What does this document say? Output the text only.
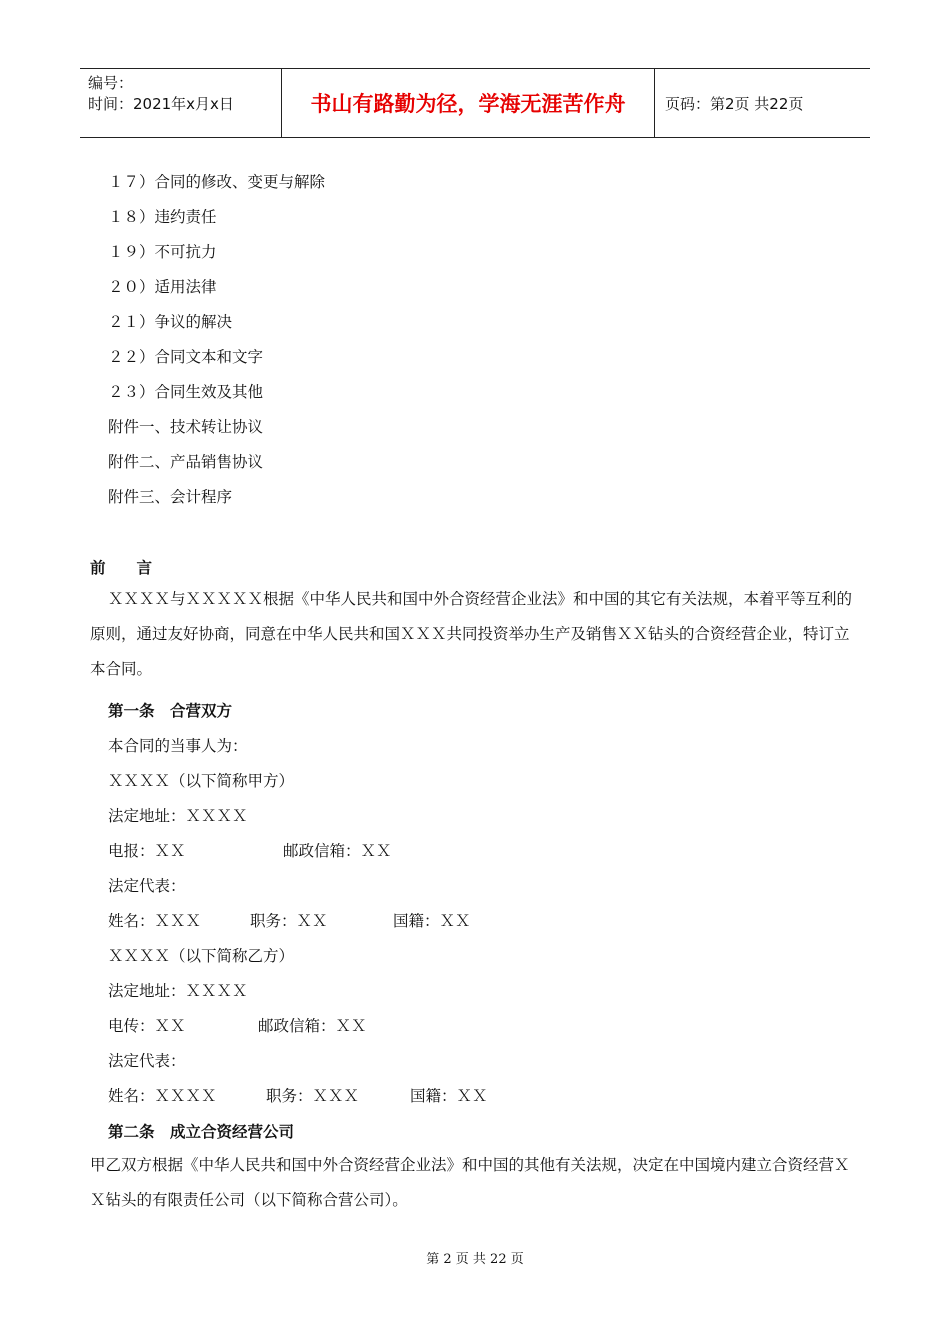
编号：
时间：2021年x月x日	书山有路勤为径，学海无涯苦作舟	页码：第2页 共22页
１７）合同的修改、变更与解除
１８）违约责任
１９）不可抗力
２０）适用法律
２１）争议的解决
２２）合同文本和文字
２３）合同生效及其他
附件一、技术转让协议
附件二、产品销售协议
附件三、会计程序
前　　言
ＸＸＸＸ与ＸＸＸＸＸ根据《中华人民共和国中外合资经营企业法》和中国的其它有关法规，本着平等互利的原则，通过友好协商，同意在中华人民共和国ＸＸＸ共同投资举办生产及销售ＸＸ钻头的合资经营企业，特订立本合同。
第一条　合营双方
本合同的当事人为：
ＸＸＸＸ（以下简称甲方）
法定地址：ＸＸＸＸ
电报：ＸＸ	邮政信箱：ＸＸ
法定代表：
姓名：ＸＸＸ	职务：ＸＸ	国籍：ＸＸ
ＸＸＸＸ（以下简称乙方）
法定地址：ＸＸＸＸ
电传：ＸＸ	邮政信箱：ＸＸ
法定代表：
姓名：ＸＸＸＸ	职务：ＸＸＸ	国籍：ＸＸ
第二条　成立合资经营公司
甲乙双方根据《中华人民共和国中外合资经营企业法》和中国的其他有关法规，决定在中国境内建立合资经营ＸＸ钻头的有限责任公司（以下简称合营公司）。
第 2 页 共 22 页
